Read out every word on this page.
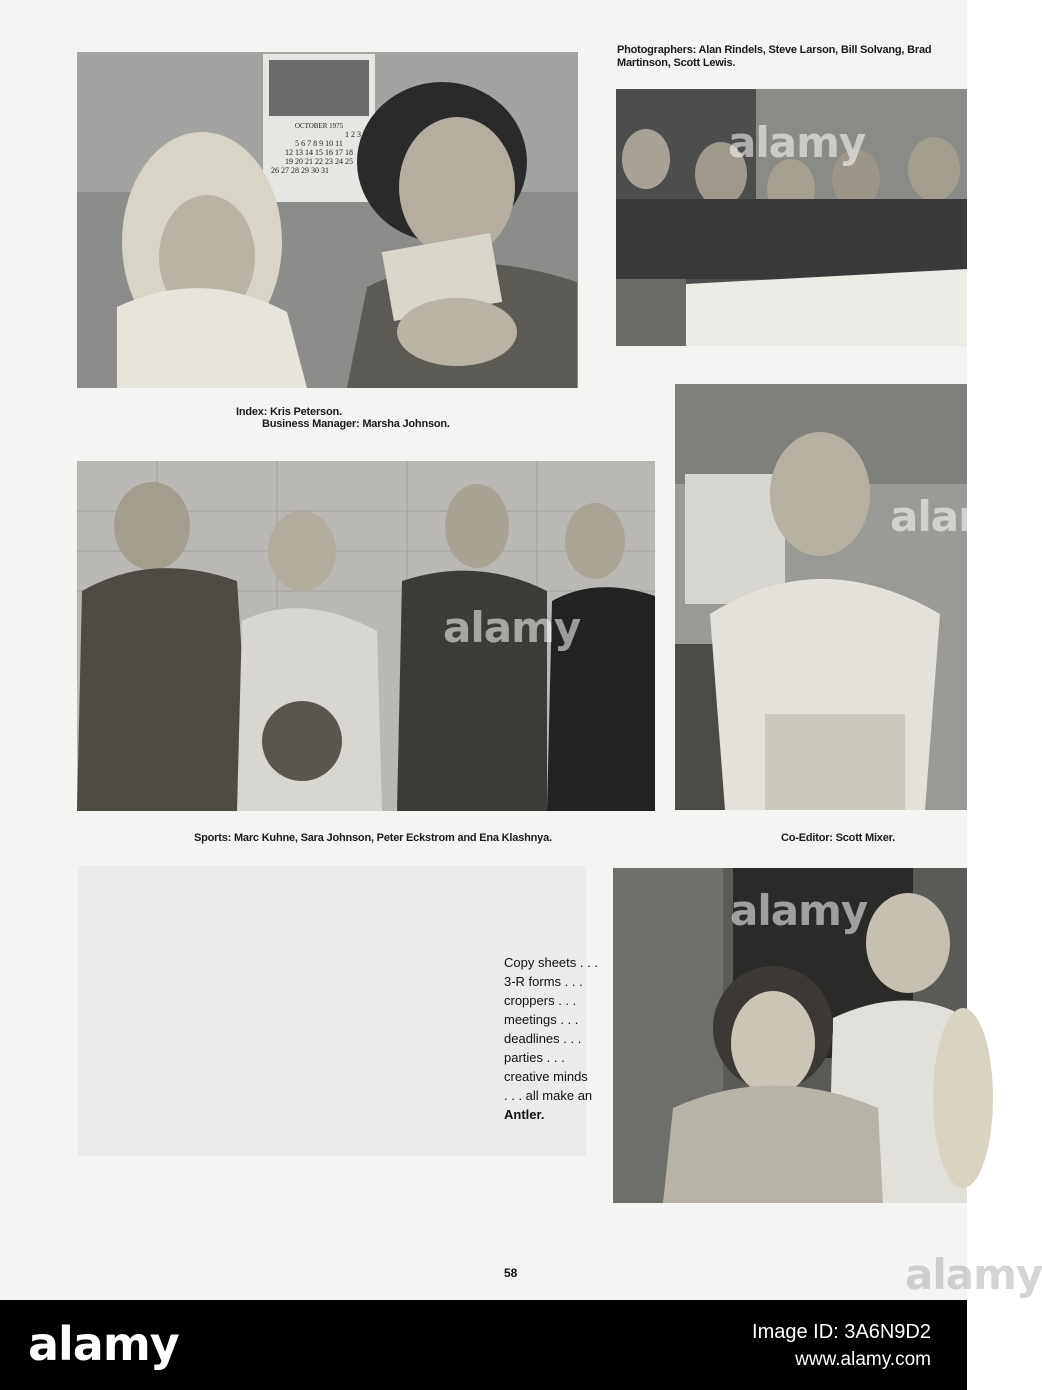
OCTOBER 1975
1 2 3 4
5 6 7 8 9 10 11
12 13 14 15 16 17 18
19 20 21 22 23 24 25
26 27 28 29 30 31
Photographers: Alan Rindels, Steve Larson, Bill Solvang, Brad Martinson, Scott Lewis.
Index: Kris Peterson.
Business Manager: Marsha Johnson.
Sports: Marc Kuhne, Sara Johnson, Peter Eckstrom and Ena Klashnya.	Co-Editor: Scott Mixer.
Copy sheets . . .
3-R forms . . .
croppers . . .
meetings . . .
deadlines . . .
parties . . .
creative minds
. . . all make an
Antler.
58
alamy
alamy
alamy
alamy
alamy
alamy	Image ID: 3A6N9D2
www.alamy.com
